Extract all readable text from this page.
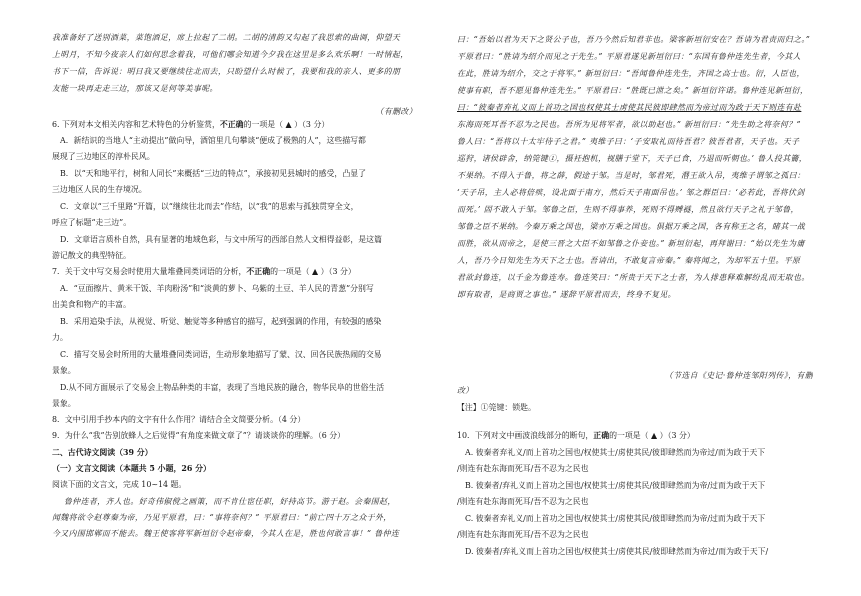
我准备好了送别酒菜，菜饱酒足，席上拉起了二胡。二胡的清韵又勾起了我思索的曲调，仰望天
上明月，不知今夜亲人们如何思念着我，可他们哪会知道今夕我在这里是多么欢乐啊！一时情起，
书下一信，告诉说：明日我又要继续往北而去，只盼望什么时候了，我要和我的亲人、更多的朋
友能一块再走走三边，那该又是何等美事呢。
（有删改）
6. 下列对本文相关内容和艺术特色的分析鉴赏，不正确的一项是（ ▲ ）（3 分）
A．新结识的当地人“主动提出”做向导，酒馆里几句攀谈“便成了极熟的人”，这些描写都
展现了三边地区的淳朴民风。
B．以“天和地平行，树和人同长”来概括“三边的特点”，承接初见县城时的感受，凸显了
三边地区人民的生存境况。
C．文章以“三千里路”开篇，以“继续往北而去”作结，以“我”的思索与孤独贯穿全文，
呼应了标题“走三边”。
D．文章语言质朴自然，具有显著的地域色彩，与文中所写的西部自然人文相得益彰，是这篇
游记散文的典型特征。
7．关于文中写交易会时使用大量堆叠同类词语的分析，不正确的一项是（ ▲ ）（3 分）
A．“豆面擦片、黄米干饭、羊肉粉汤”和“淡黄的萝卜、乌紫的土豆、羊人民的青葱”分别写
出美食和物产的丰富。
B．采用追染手法，从视觉、听觉、触觉等多种感官的描写，起到强调的作用，有较强的感染
力。
C．描写交易会时所用的大量堆叠同类词语，生动形象地描写了蒙、汉、回各民族热闹的交易
景象。
D.从不同方面展示了交易会上物品种类的丰富，表现了当地民族的融合，物华民阜的世俗生活
景象。
8．文中引用手抄本内的文字有什么作用？请结合全文简要分析。（4 分）
9．为什么“我”告别放蜂人之后觉得“有角度来做文章了”？请谈谈你的理解。（6 分）
二、古代诗文阅读（39 分）
（一）文言文阅读（本题共 5 小题，26 分）
阅读下面的文言文，完成 10~14 题。
鲁仲连者，齐人也。好奇伟俶傥之画策，而不肯仕宦任职，好持高节。游于赵。会秦围赵，
闻魏将欲令赵尊秦为帝，乃见平原君，曰：“事将奈何？” 平原君曰：“前亡四十万之众于外，
今又内围邯郸而不能去。魏王使客将军新垣衍令赵帝秦，今其人在是，胜也何敢言事！” 鲁仲连
曰：“吾始以君为天下之贤公子也，吾乃今然后知君非也。梁客新垣衍安在？吾请为君责而归之。”
平原君曰：“胜请为绍介而见之于先生。” 平原君遂见新垣衍曰：“东国有鲁仲连先生者，今其人
在此，胜请为绍介，交之于将军。” 新垣衍曰：“吾闻鲁仲连先生，齐国之高士也。衍，人臣也，
使事有职，吾不愿见鲁仲连先生。” 平原君曰：“胜既已泄之矣。” 新垣衍许诺。鲁仲连见新垣衍，
曰：“彼秦者弃礼义而上首功之国也权使其士虏使其民彼即肆然而为帝过而为政于天下则连有赴
东海而死耳吾不忍为之民也。吾所为见将军者，欲以助赵也。” 新垣衍曰：“先生助之将奈何？”
鲁人曰：“吾将以十太牢待子之君。” 夷维子曰：‘子安取礼而待吾君？彼吾君者，天子也。天子
巡狩，诸侯辟舍，纳筦键①，摄衽抱机，视膳于堂下，天子已食，乃退而听朝也。’ 鲁人投其籥，
不果纳。不得入于鲁，将之薛，假途于邹。当是时，邹君死，湣王欲入吊，夷维子谓邹之孤曰：
‘天子吊，主人必将倍殡，设北面于南方，然后天子南面吊也。’ 邹之群臣曰：‘必若此，吾将伏剑
而死。’ 固不敢入于邹。邹鲁之臣，生则不得事养，死则不得赙襚，然且欲行天子之礼于邹鲁，
邹鲁之臣不果纳。今秦万乘之国也，梁亦万乘之国也。俱据万乘之国，各有称王之名，睹其一战
而胜，欲从而帝之，是使三晋之大臣不如邹鲁之仆妾也。” 新垣衍起，再拜谢曰：“始以先生为庸
人，吾乃今日知先生为天下之士也。吾请出，不敢复言帝秦。” 秦将闻之，为却军五十里。平原
君欲封鲁连，以千金为鲁连寿。鲁连笑曰：“所贵于天下之士者，为人排患释难解纷乱而无取也。
即有取者，是商贾之事也。” 遂辞平原君而去，终身不复见。
（节选自《史记·鲁仲连邹阳列传》，有删
改）
【注】①筦键：锁匙。
10．下列对文中画波浪线部分的断句，正确的一项是（ ▲ ）（3 分）
A. 彼秦者弃礼义/而上首功之国也/权使其士/虏使其民/彼即肆然而为帝过/而为政于天下
/则连有赴东海而死耳/吾不忍为之民也
B. 彼秦者/弃礼义而上首功之国也/权使其士/虏使其民/彼即肆然而为帝/过而为政于天下
/则连有赴东海而死耳/吾不忍为之民也
C. 彼秦者弃礼义/而上首功之国也/权使其士/虏使其民/彼即肆然而为帝/过而为政于天下
/则连有赴东海而死耳/吾不忍为之民也
D. 彼秦者/弃礼义而上首功之国也/权使其士/虏使其民/彼即肆然而为帝过/而为政于天下/
